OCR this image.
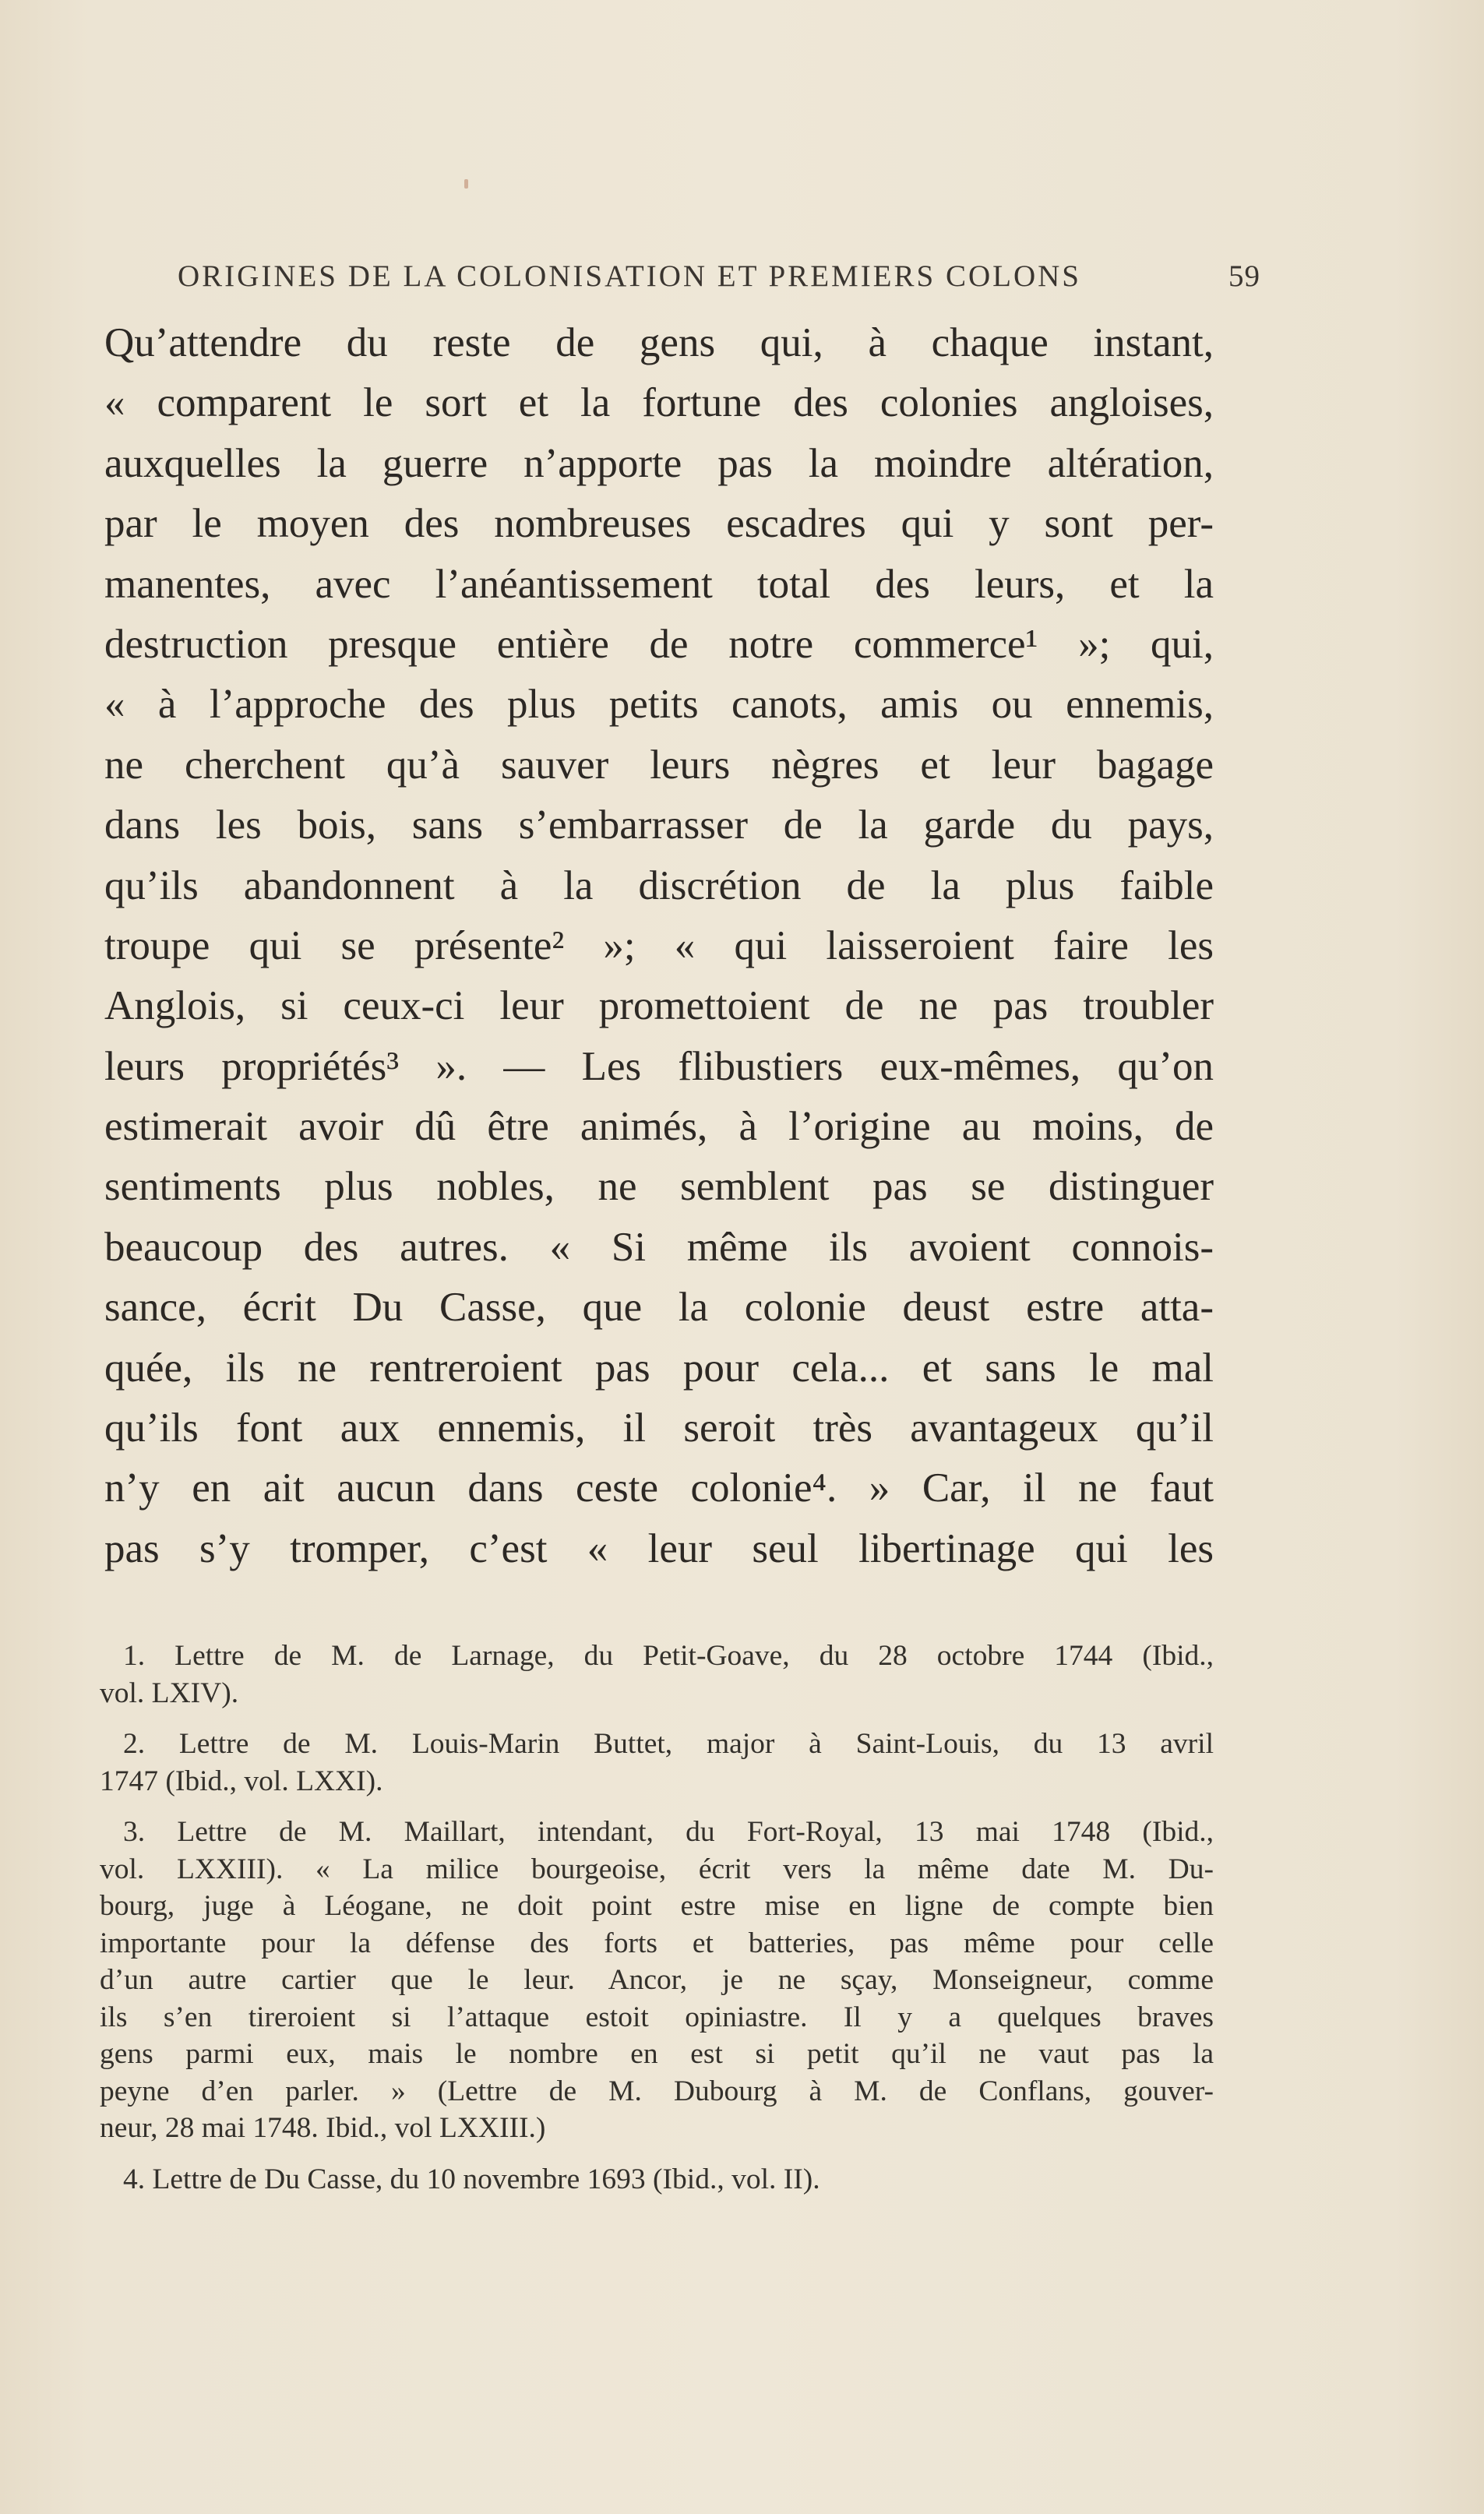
ORIGINES DE LA COLONISATION ET PREMIERS COLONS	59
Qu’attendre du reste de gens qui, à chaque instant,
« comparent le sort et la fortune des colonies angloises,
auxquelles la guerre n’apporte pas la moindre altération,
par le moyen des nombreuses escadres qui y sont per-
manentes, avec l’anéantissement total des leurs, et la
destruction presque entière de notre commerce¹ »; qui,
« à l’approche des plus petits canots, amis ou ennemis,
ne cherchent qu’à sauver leurs nègres et leur bagage
dans les bois, sans s’embarrasser de la garde du pays,
qu’ils abandonnent à la discrétion de la plus faible
troupe qui se présente² »; « qui laisseroient faire les
Anglois, si ceux-ci leur promettoient de ne pas troubler
leurs propriétés³ ». — Les flibustiers eux-mêmes, qu’on
estimerait avoir dû être animés, à l’origine au moins, de
sentiments plus nobles, ne semblent pas se distinguer
beaucoup des autres. « Si même ils avoient connois-
sance, écrit Du Casse, que la colonie deust estre atta-
quée, ils ne rentreroient pas pour cela... et sans le mal
qu’ils font aux ennemis, il seroit très avantageux qu’il
n’y en ait aucun dans ceste colonie⁴. » Car, il ne faut
pas s’y tromper, c’est « leur seul libertinage qui les
1. Lettre de M. de Larnage, du Petit-Goave, du 28 octobre 1744 (Ibid.,
vol. LXIV).
2. Lettre de M. Louis-Marin Buttet, major à Saint-Louis, du 13 avril
1747 (Ibid., vol. LXXI).
3. Lettre de M. Maillart, intendant, du Fort-Royal, 13 mai 1748 (Ibid.,
vol. LXXIII). « La milice bourgeoise, écrit vers la même date M. Du-
bourg, juge à Léogane, ne doit point estre mise en ligne de compte bien
importante pour la défense des forts et batteries, pas même pour celle
d’un autre cartier que le leur. Ancor, je ne sçay, Monseigneur, comme
ils s’en tireroient si l’attaque estoit opiniastre. Il y a quelques braves
gens parmi eux, mais le nombre en est si petit qu’il ne vaut pas la
peyne d’en parler. » (Lettre de M. Dubourg à M. de Conflans, gouver-
neur, 28 mai 1748. Ibid., vol LXXIII.)
4. Lettre de Du Casse, du 10 novembre 1693 (Ibid., vol. II).
